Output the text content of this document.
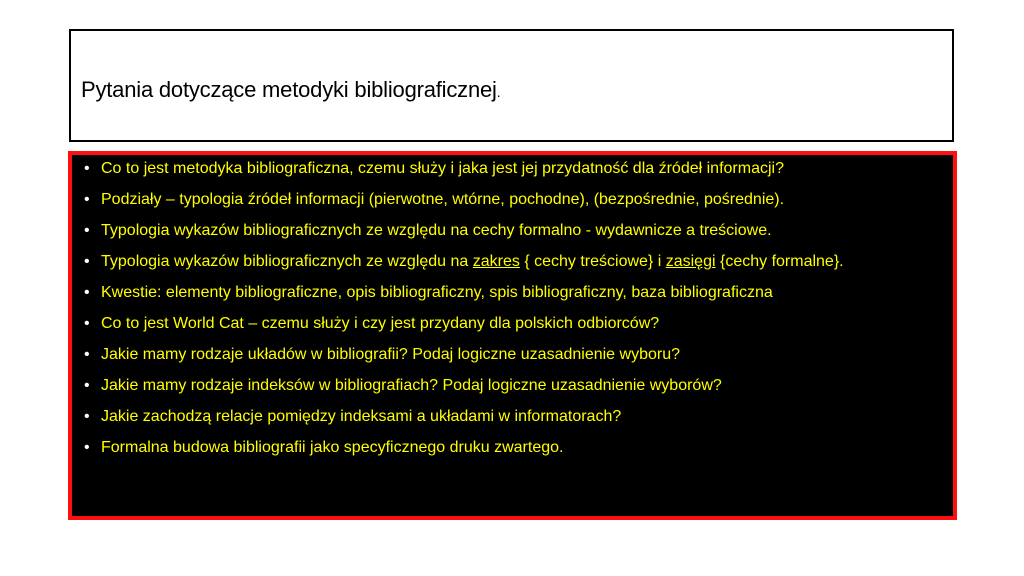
Pytania dotyczące metodyki bibliograficznej.
• Co to jest metodyka bibliograficzna, czemu służy i jaka jest jej przydatność dla źródeł informacji?
• Podziały – typologia źródeł informacji (pierwotne, wtórne, pochodne), (bezpośrednie, pośrednie).
• Typologia wykazów bibliograficznych ze względu na cechy formalno - wydawnicze a treściowe.
• Typologia wykazów bibliograficznych ze względu na zakres { cechy treściowe} i zasięgi {cechy formalne}.
• Kwestie: elementy bibliograficzne, opis bibliograficzny, spis bibliograficzny, baza bibliograficzna
• Co to jest World Cat – czemu służy i czy jest przydany dla polskich odbiorców?
• Jakie mamy rodzaje układów w bibliografii? Podaj logiczne uzasadnienie wyboru?
• Jakie mamy rodzaje indeksów w bibliografiach? Podaj logiczne uzasadnienie wyborów?
• Jakie zachodzą relacje pomiędzy indeksami a układami w informatorach?
• Formalna budowa bibliografii jako specyficznego druku zwartego.
